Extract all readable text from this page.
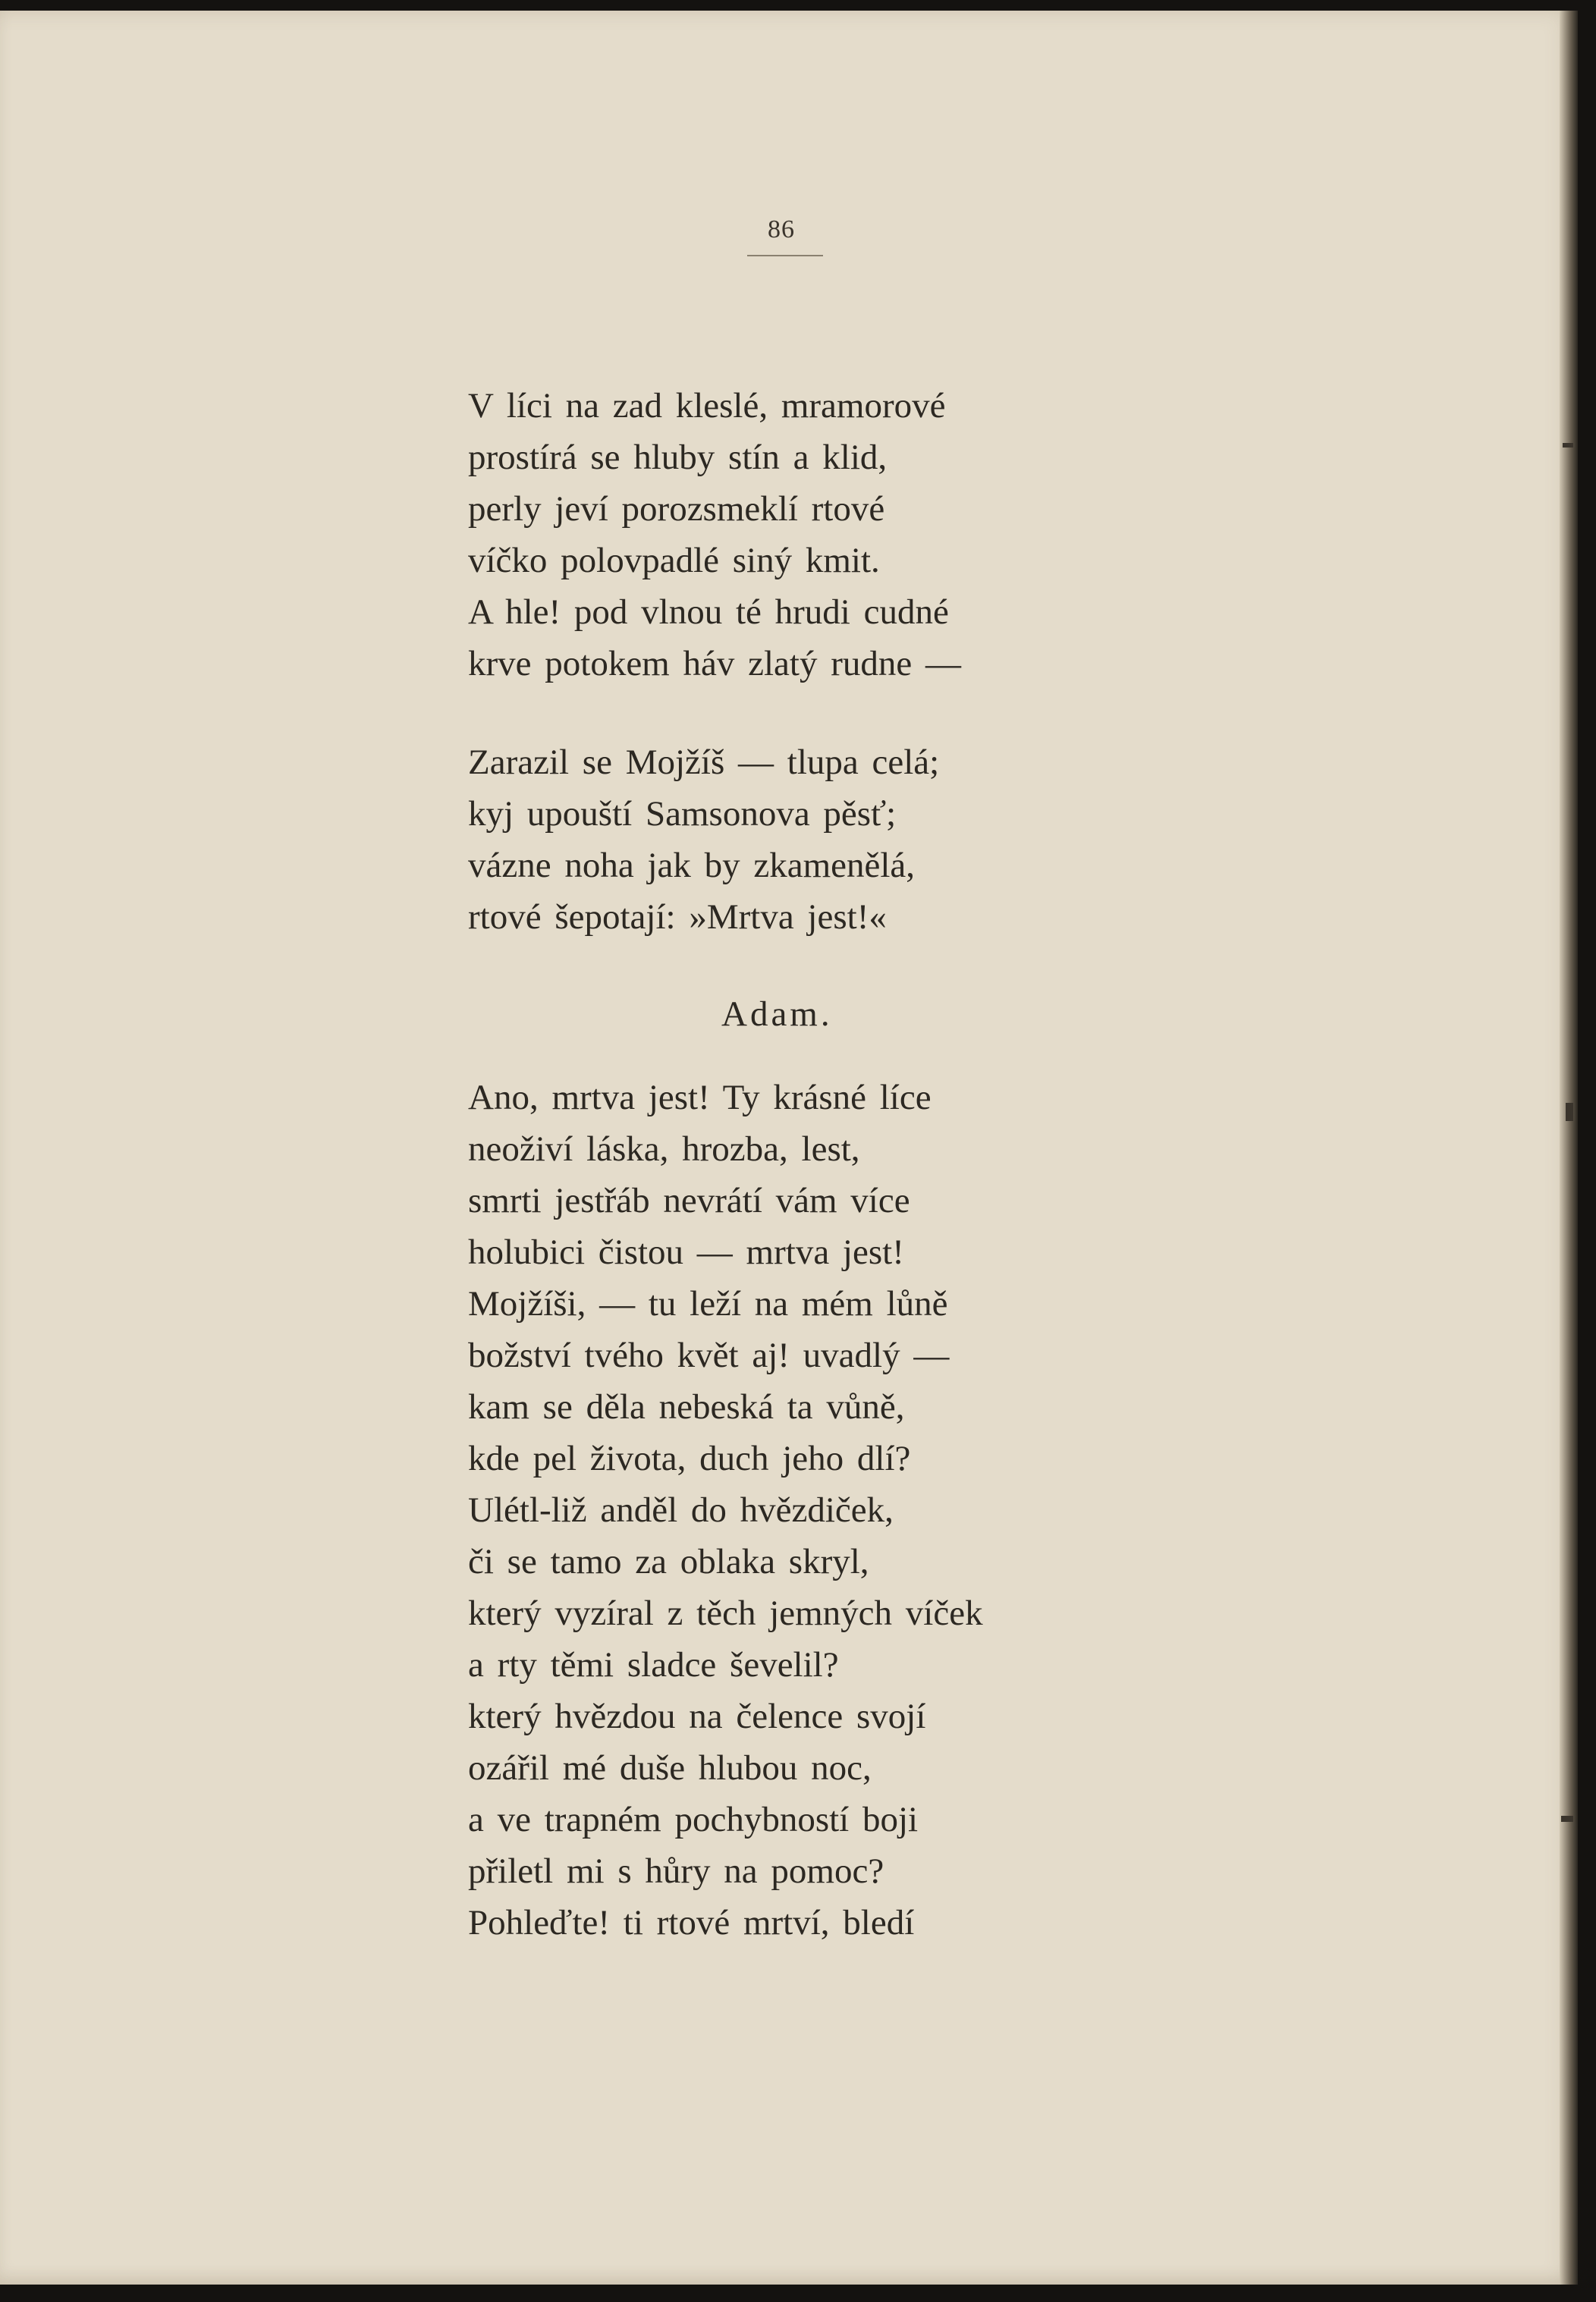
86
V líci na zad kleslé, mramorové
prostírá se hluby stín a klid,
perly jeví porozsmeklí rtové
víčko polovpadlé siný kmit.
A hle! pod vlnou té hrudi cudné
krve potokem háv zlatý rudne —
Zarazil se Mojžíš — tlupa celá;
kyj upouští Samsonova pěsť;
vázne noha jak by zkamenělá,
rtové šepotají: »Mrtva jest!«
Adam.
Ano, mrtva jest! Ty krásné líce
neoživí láska, hrozba, lest,
smrti jestřáb nevrátí vám více
holubici čistou — mrtva jest!
Mojžíši, — tu leží na mém lůně
božství tvého květ aj! uvadlý —
kam se děla nebeská ta vůně,
kde pel života, duch jeho dlí?
Ulétl-liž anděl do hvězdiček,
či se tamo za oblaka skryl,
který vyzíral z těch jemných víček
a rty těmi sladce ševelil?
který hvězdou na čelence svojí
ozářil mé duše hlubou noc,
a ve trapném pochybností boji
přiletl mi s hůry na pomoc?
Pohleďte! ti rtové mrtví, bledí
